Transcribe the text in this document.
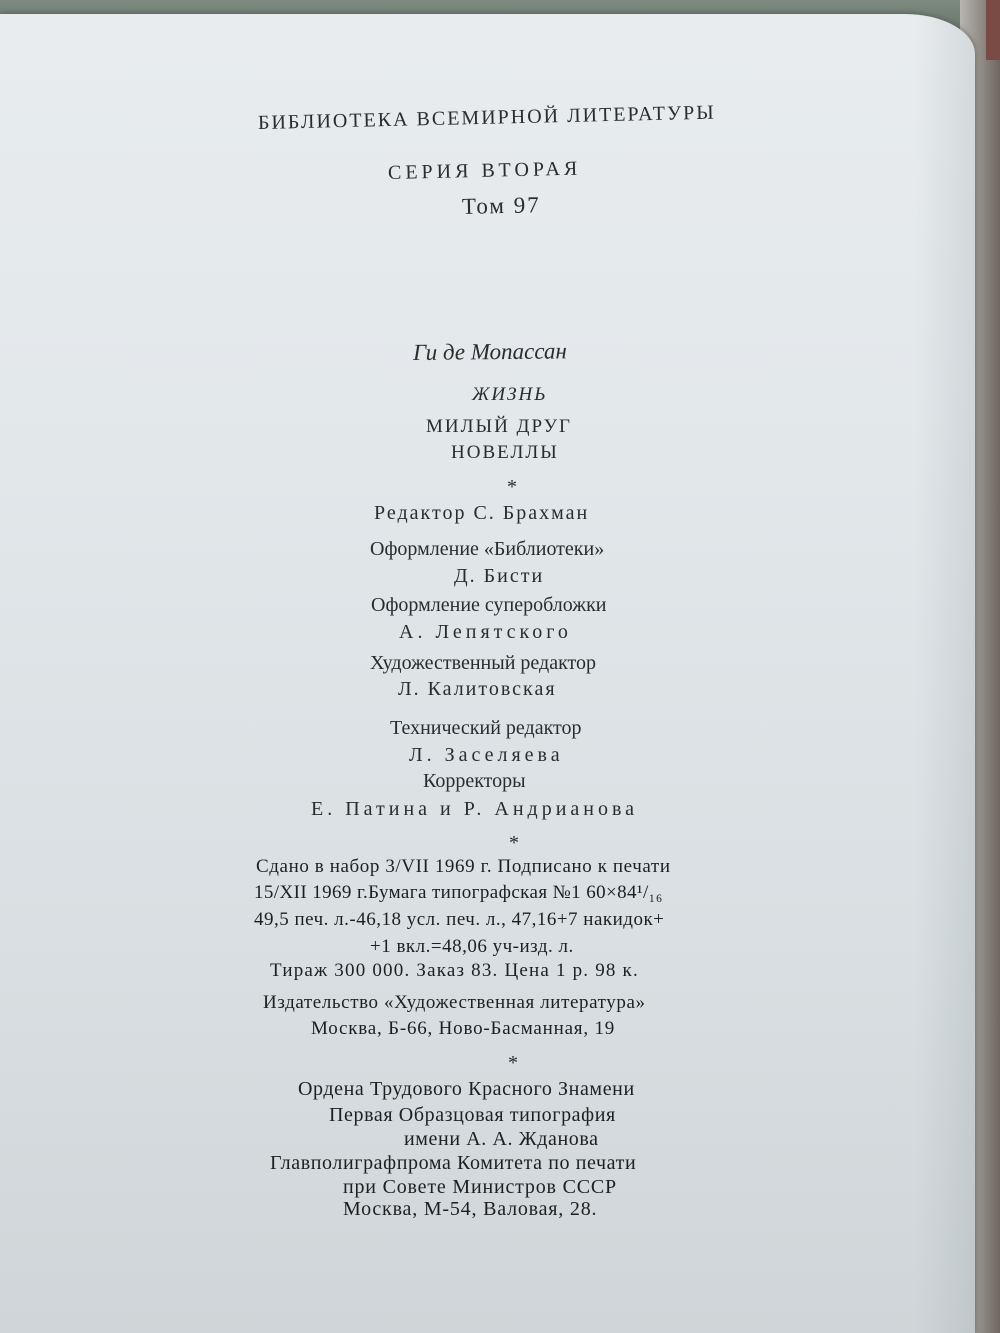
БИБЛИОТЕКА ВСЕМИРНОЙ ЛИТЕРАТУРЫ
СЕРИЯ ВТОРАЯ
Том 97
Ги де Мопассан
ЖИЗНЬ
МИЛЫЙ ДРУГ
НОВЕЛЛЫ
*
Редактор С. Брахман
Оформление «Библиотеки»
Д. Бисти
Оформление суперобложки
А. Лепятского
Художественный редактор
Л. Калитовская
Технический редактор
Л. Заселяева
Корректоры
Е. Патина и Р. Андрианова
*
Сдано в набор 3/VII 1969 г. Подписано к печати
15/XII 1969 г.Бумага типографская №1 60×84¹/₁₆
49,5 печ. л.-46,18 усл. печ. л., 47,16+7 накидок+
+1 вкл.=48,06 уч-изд. л.
Тираж 300 000. Заказ 83. Цена 1 р. 98 к.
Издательство «Художественная литература»
Москва, Б-66, Ново-Басманная, 19
*
Ордена Трудового Красного Знамени
Первая Образцовая типография
имени А. А. Жданова
Главполиграфпрома Комитета по печати
при Совете Министров СССР
Москва, М-54, Валовая, 28.
